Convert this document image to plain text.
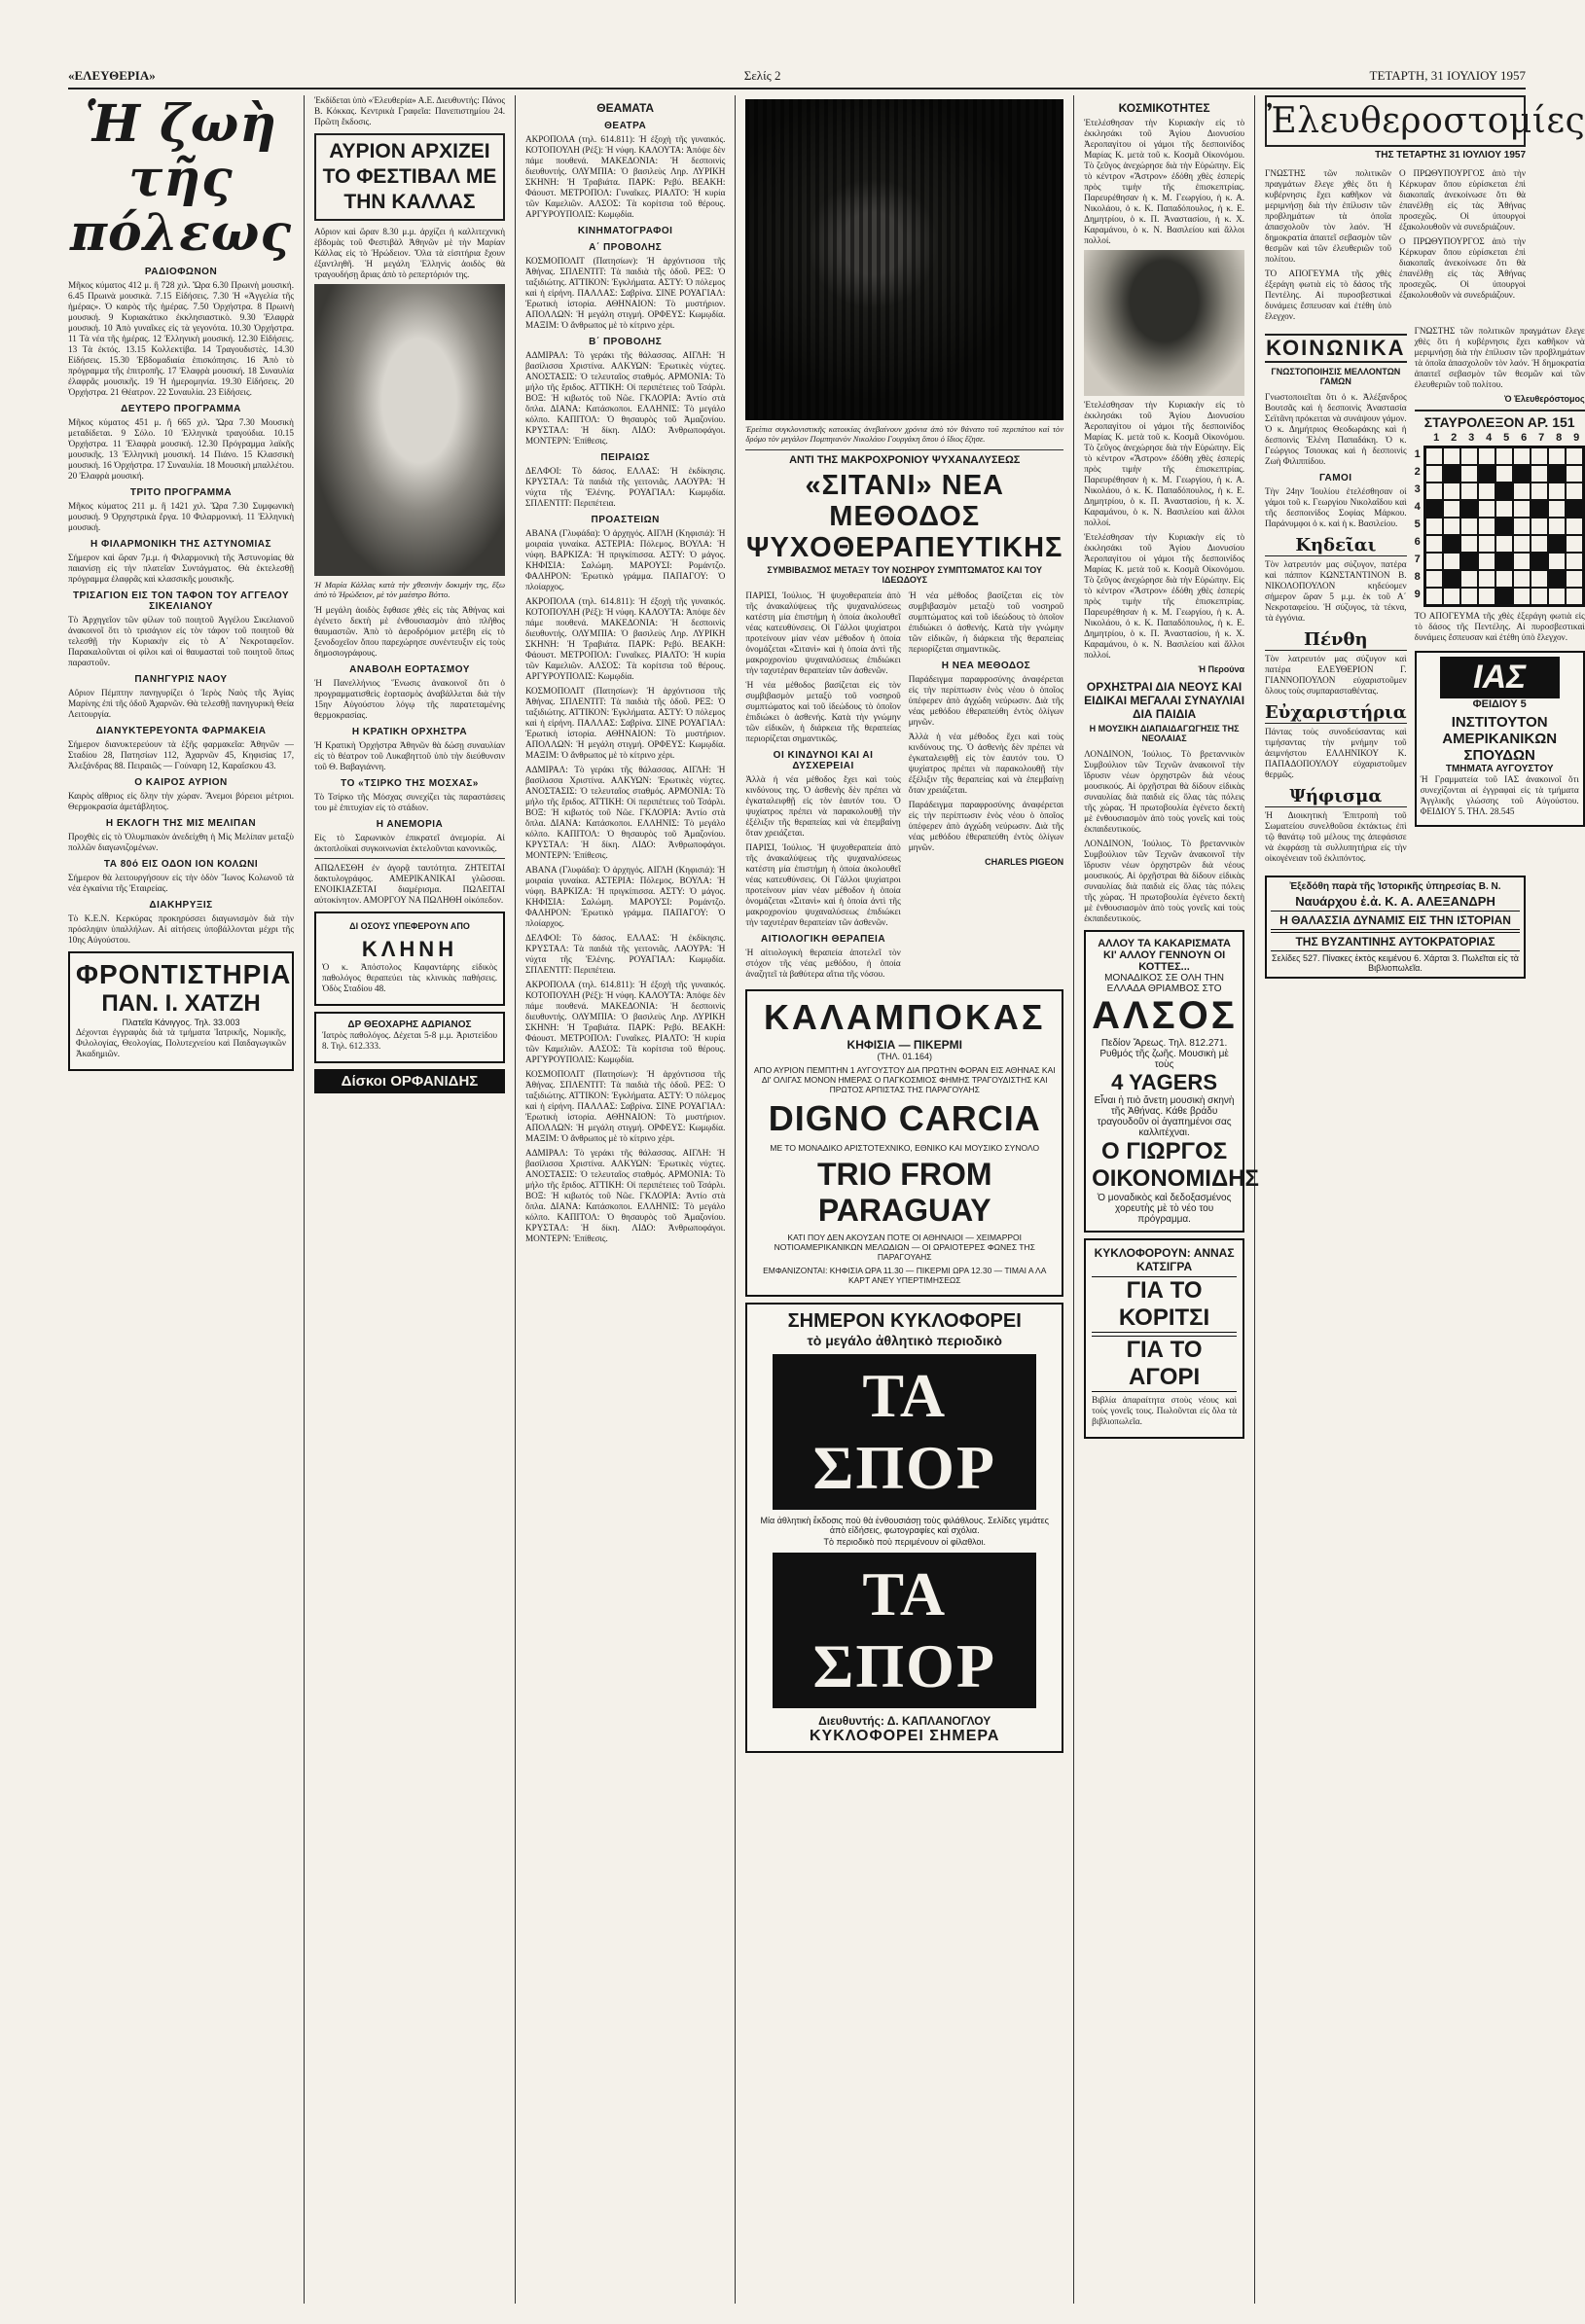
«ΕΛΕΥΘΕΡΙΑ»	Σελίς 2	ΤΕΤΑΡΤΗ, 31 ΙΟΥΛΙΟΥ 1957
Ἡ ζωὴ τῆς πόλεως
ΡΑΔΙΟΦΩΝΟΝ

Μῆκος κύματος 412 μ. ἢ 728 χιλ. Ὥρα 6.30 Πρωινὴ μουσική. 6.45 Πρωινὰ μουσικὰ. 7.15 Εἰδήσεις. 7.30 Ἡ «Ἀγγελία τῆς ἡμέρας». Ὁ καιρὸς τῆς ἡμέρας. 7.50 Ὀρχήστρα. 8 Πρωινὴ μουσική. 9 Κυριακάτικο ἐκκλησιαστικὸ. 9.30 Ἐλαφρὰ μουσική. 10 Ἀπὸ γυναῖκες εἰς τὰ γεγονότα. 10.30 Ὀρχήστρα. 11 Τὰ νέα τῆς ἡμέρας. 12 Ἐλληνικὴ μουσική. 12.30 Εἰδήσεις. 13 Τὰ ἐκτός. 13.15 Κολλεκτίβα. 14 Τραγουδιστὲς. 14.30 Εἰδήσεις. 15.30 Ἐβδομαδιαία ἐπισκόπησις. 16 Ἀπὸ τὸ πρόγραμμα τῆς ἐπιτροπῆς. 17 Ἐλαφρὰ μουσική. 18 Συναυλία ἐλαφρᾶς μουσικῆς. 19 Ἡ ἡμερομηνία. 19.30 Εἰδήσεις. 20 Ὀρχήστρα. 21 Θέατρον. 22 Συναυλία. 23 Εἰδήσεις.

ΔΕΥΤΕΡΟ ΠΡΟΓΡΑΜΜΑ

Μῆκος κύματος 451 μ. ἢ 665 χιλ. Ὥρα 7.30 Μουσικὴ μεταδίδεται. 9 Σόλο. 10 Ἐλληνικὰ τραγούδια. 10.15 Ὀρχήστρα. 11 Ἐλαφρὰ μουσική. 12.30 Πρόγραμμα λαϊκῆς μουσικῆς. 13 Ἐλληνικὴ μουσική. 14 Πιάνο. 15 Κλασσικὴ μουσική. 16 Ὀρχήστρα. 17 Συναυλία. 18 Μουσικὴ μπαλλέτου. 20 Ἐλαφρὰ μουσική.

ΤΡΙΤΟ ΠΡΟΓΡΑΜΜΑ

Μῆκος κύματος 211 μ. ἢ 1421 χιλ. Ὥρα 7.30 Συμφωνικὴ μουσική. 9 Ὀρχηστρικὰ ἔργα. 10 Φιλαρμονική. 11 Ἐλληνικὴ μουσική.

Η ΦΙΛΑΡΜΟΝΙΚΗ ΤΗΣ ΑΣΤΥΝΟΜΙΑΣ

Σήμερον καὶ ὥραν 7μ.μ. ἡ Φιλαρμονικὴ τῆς Ἀστυνομίας θὰ παιανίσῃ εἰς τὴν πλατεῖαν Συντάγματος. Θὰ ἐκτελεσθῇ πρόγραμμα ἐλαφρᾶς καὶ κλασσικῆς μουσικῆς.

ΤΡΙΣΑΓΙΟΝ ΕΙΣ ΤΟΝ ΤΑΦΟΝ ΤΟΥ ΑΓΓΕΛΟΥ ΣΙΚΕΛΙΑΝΟΥ

Τὸ Ἀρχηγεῖον τῶν φίλων τοῦ ποιητοῦ Ἀγγέλου Σικελιανοῦ ἀνακοινοῖ ὅτι τὸ τρισάγιον εἰς τὸν τάφον τοῦ ποιητοῦ θὰ τελεσθῇ τὴν Κυριακὴν εἰς τὸ Α΄ Νεκροταφεῖον. Παρακαλοῦνται οἱ φίλοι καὶ οἱ θαυμασταὶ τοῦ ποιητοῦ ὅπως παραστοῦν.

ΠΑΝΗΓΥΡΙΣ ΝΑΟΥ

Αὔριον Πέμπτην πανηγυρίζει ὁ Ἱερὸς Ναὸς τῆς Ἁγίας Μαρίνης ἐπὶ τῆς ὁδοῦ Ἀχαρνῶν. Θὰ τελεσθῇ πανηγυρικὴ Θεία Λειτουργία.

ΔΙΑΝΥΚΤΕΡΕΥΟΝΤΑ ΦΑΡΜΑΚΕΙΑ

Σήμερον διανυκτερεύουν τὰ ἑξῆς φαρμακεῖα: Ἀθηνῶν — Σταδίου 28, Πατησίων 112, Ἀχαρνῶν 45, Κηφισίας 17, Ἀλεξάνδρας 88. Πειραιῶς — Γούναρη 12, Καραΐσκου 43.

Ο ΚΑΙΡΟΣ ΑΥΡΙΟΝ

Καιρὸς αἴθριος εἰς ὅλην τὴν χώραν. Ἄνεμοι βόρειοι μέτριοι. Θερμοκρασία ἀμετάβλητος.

Η ΕΚΛΟΓΗ ΤΗΣ ΜΙΣ ΜΕΛΙΠΑΝ

Προχθὲς εἰς τὸ Ὀλυμπιακὸν ἀνεδείχθη ἡ Μὶς Μελίπαν μεταξὺ πολλῶν διαγωνιζομένων.

ΤΑ 80ό ΕΙΣ ΟΔΟΝ ΙΟΝ ΚΟΛΩΝΙ

Σήμερον θὰ λειτουργήσουν εἰς τὴν ὁδὸν Ἴωνος Κολωνοῦ τὰ νέα ἐγκαίνια τῆς Ἑταιρείας.

ΔΙΑΚΗΡΥΞΙΣ

Τὸ Κ.Ε.Ν. Κερκύρας προκηρύσσει διαγωνισμὸν διὰ τὴν πρόσληψιν ὑπαλλήλων. Αἱ αἰτήσεις ὑποβάλλονται μέχρι τῆς 10ης Αὐγούστου.

ΦΡΟΝΤΙΣΤΗΡΙΑ
ΠΑΝ. Ι. ΧΑΤΖΗ
Πλατεῖα Κάνιγγος. Τηλ. 33.003

Δέχονται ἐγγραφὰς διὰ τὰ τμήματα Ἰατρικῆς, Νομικῆς, Φιλολογίας, Θεολογίας, Πολυτεχνείου καὶ Παιδαγωγικῶν Ἀκαδημιῶν.

Ἐκδίδεται ὑπὸ «Ἐλευθερία» Α.Ε. Διευθυντής: Πάνος Β. Κόκκας. Κεντρικὰ Γραφεῖα: Πανεπιστημίου 24. Πρῶτη ἔκδοσις.

ΑΥΡΙΟΝ ΑΡΧΙΖΕΙ ΤΟ ΦΕΣΤΙΒΑΛ ΜΕ ΤΗΝ ΚΑΛΛΑΣ

Αὔριον καὶ ὥραν 8.30 μ.μ. ἀρχίζει ἡ καλλιτεχνικὴ ἑβδομὰς τοῦ Φεστιβὰλ Ἀθηνῶν μὲ τὴν Μαρίαν Κάλλας εἰς τὸ Ἡρώδειον. Ὅλα τὰ εἰσιτήρια ἔχουν ἐξαντληθῆ. Ἡ μεγάλη Ἑλληνὶς ἀοιδὸς θὰ τραγουδήσῃ ἄριας ἀπὸ τὸ ρεπερτόριόν της.

Ἡ Μαρία Κάλλας κατὰ τὴν χθεσινὴν δοκιμήν της, ἔξω ἀπὸ τὸ Ἡρώδειον, μὲ τὸν μαέστρο Βόττο.

Ἡ μεγάλη ἀοιδὸς ἔφθασε χθὲς εἰς τὰς Ἀθήνας καὶ ἐγένετο δεκτὴ μὲ ἐνθουσιασμὸν ἀπὸ πλῆθος θαυμαστῶν. Ἀπὸ τὸ ἀεροδρόμιον μετέβη εἰς τὸ ξενοδοχεῖον ὅπου παρεχώρησε συνέντευξιν εἰς τοὺς δημοσιογράφους.

ΑΝΑΒΟΛΗ ΕΟΡΤΑΣΜΟΥ

Ἡ Πανελλήνιος Ἕνωσις ἀνακοινοῖ ὅτι ὁ προγραμματισθεὶς ἑορτασμὸς ἀναβάλλεται διὰ τὴν 15ην Αὐγούστου λόγῳ τῆς παρατεταμένης θερμοκρασίας.

Η ΚΡΑΤΙΚΗ ΟΡΧΗΣΤΡΑ

Ἡ Κρατικὴ Ὀρχήστρα Ἀθηνῶν θὰ δώσῃ συναυλίαν εἰς τὸ θέατρον τοῦ Λυκαβηττοῦ ὑπὸ τὴν διεύθυνσιν τοῦ Θ. Βαβαγιάννη.

ΤΟ «ΤΣΙΡΚΟ ΤΗΣ ΜΟΣΧΑΣ»

Τὸ Τσίρκο τῆς Μόσχας συνεχίζει τὰς παραστάσεις του μὲ ἐπιτυχίαν εἰς τὸ στάδιον.

Η ΑΝΕΜΟΡΙΑ

Εἰς τὸ Σαρωνικὸν ἐπικρατεῖ ἀνεμορία. Αἱ ἀκτοπλοϊκαὶ συγκοινωνίαι ἐκτελοῦνται κανονικῶς.

ΑΠΩΛΕΣΘΗ ἐν ἀγορᾷ ταυτότητα. ΖΗΤΕΙΤΑΙ δακτυλογράφος. ΑΜΕΡΙΚΑΝΙΚΑΙ γλῶσσαι. ΕΝΟΙΚΙΑΖΕΤΑΙ διαμέρισμα. ΠΩΛΕΙΤΑΙ αὐτοκίνητον. ΑΜΟΡΓΟΥ ΝΑ ΠΩΛΗΘΗ οἰκόπεδον.

ΔΙ ΟΣΟΥΣ ΥΠΕΦΕΡΟΥΝ ΑΠΟ
ΚΛΗΝΗ

Ὁ κ. Ἀπόστολος Καφαντάρης εἰδικὸς παθολόγος θεραπεύει τὰς κλινικὰς παθήσεις. Ὁδὸς Σταδίου 48.

ΔΡ ΘΕΟΧΑΡΗΣ ΑΔΡΙΑΝΟΣ

Ἰατρὸς παθολόγος. Δέχεται 5-8 μ.μ. Ἀριστείδου 8. Τηλ. 612.333.

Δίσκοι ΟΡΦΑΝΙΔΗΣ
ΘΕΑΜΑΤΑ
ΘΕΑΤΡΑ

ΑΚΡΟΠΟΛΑ (τηλ. 614.811): Ἡ ἐξοχὴ τῆς γυναικός. ΚΟΤΟΠΟΥΛΗ (Ρέξ): Ἡ νύφη. ΚΑΛΟΥΤΑ: Ἀπόψε δὲν πάμε πουθενά. ΜΑΚΕΔΟΝΙΑ: Ἡ δεσποινὶς διευθυντής. ΟΛΥΜΠΙΑ: Ὁ βασιλεὺς Ληρ. ΛΥΡΙΚΗ ΣΚΗΝΗ: Ἡ Τραβιάτα. ΠΑΡΚ: Ρεβύ. ΒΕΑΚΗ: Φάουστ. ΜΕΤΡΟΠΟΛ: Γυναῖκες. ΡΙΑΛΤΟ: Ἡ κυρία τῶν Καμελιῶν. ΑΛΣΟΣ: Τὰ κορίτσια τοῦ θέρους. ΑΡΓΥΡΟΥΠΟΛΙΣ: Κωμῳδία.

ΚΙΝΗΜΑΤΟΓΡΑΦΟΙ
Α΄ ΠΡΟΒΟΛΗΣ

ΚΟΣΜΟΠΟΛΙΤ (Πατησίων): Ἡ ἀρχόντισσα τῆς Ἀθήνας. ΣΠΛΕΝΤΙΤ: Τὰ παιδιὰ τῆς ὁδοῦ. ΡΕΞ: Ὁ ταξιδιώτης. ΑΤΤΙΚΟΝ: Ἐγκλήματα. ΑΣΤΥ: Ὁ πόλεμος καὶ ἡ εἰρήνη. ΠΑΛΛΑΣ: Σαβρίνα. ΣΙΝΕ ΡΟΥΑΓΙΑΛ: Ἐρωτικὴ ἱστορία. ΑΘΗΝΑΙΟΝ: Τὸ μυστήριον. ΑΠΟΛΛΩΝ: Ἡ μεγάλη στιγμή. ΟΡΦΕΥΣ: Κωμῳδία. ΜΑΞΙΜ: Ὁ ἄνθρωπος μὲ τὸ κίτρινο χέρι.

Β΄ ΠΡΟΒΟΛΗΣ

ΑΔΜΙΡΑΛ: Τὸ γεράκι τῆς θάλασσας. ΑΙΓΛΗ: Ἡ βασίλισσα Χριστίνα. ΑΛΚΥΩΝ: Ἐρωτικὲς νύχτες. ΑΝΟΣΤΑΣΙΣ: Ὁ τελευταῖος σταθμός. ΑΡΜΟΝΙΑ: Τὸ μήλο τῆς ἔριδος. ΑΤΤΙΚΗ: Οἱ περιπέτειες τοῦ Τσάρλι. ΒΟΞ: Ἡ κιβωτός τοῦ Νῶε. ΓΚΛΟΡΙΑ: Ἀντίο στὰ ὅπλα. ΔΙΑΝΑ: Κατάσκοποι. ΕΛΛΗΝΙΣ: Τὸ μεγάλο κόλπο. ΚΑΠΙΤΟΛ: Ὁ θησαυρὸς τοῦ Ἀμαζονίου. ΚΡΥΣΤΑΛ: Ἡ δίκη. ΛΙΔΟ: Ἀνθρωποφάγοι. ΜΟΝΤΕΡΝ: Ἐπίθεσις.

ΠΕΙΡΑΙΩΣ

ΔΕΛΦΟΙ: Τὸ δάσος. ΕΛΛΑΣ: Ἡ ἐκδίκησις. ΚΡΥΣΤΑΛ: Τὰ παιδιὰ τῆς γειτονιᾶς. ΛΑΟΥΡΑ: Ἡ νύχτα τῆς Ἑλένης. ΡΟΥΑΓΙΑΛ: Κωμῳδία. ΣΠΛΕΝΤΙΤ: Περιπέτεια.

ΠΡΟΑΣΤΕΙΩΝ

ΑΒΑΝΑ (Γλυφάδα): Ὁ ἀρχηγός. ΑΙΓΛΗ (Κηφισιά): Ἡ μοιραία γυναίκα. ΑΣΤΕΡΙΑ: Πόλεμος. ΒΟΥΛΑ: Ἡ νύφη. ΒΑΡΚΙΖΑ: Ἡ πριγκίπισσα. ΑΣΤΥ: Ὁ μάγος. ΚΗΦΙΣΙΑ: Σαλώμη. ΜΑΡΟΥΣΙ: Ρομάντζο. ΦΑΛΗΡΟΝ: Ἐρωτικὸ γράμμα. ΠΑΠΑΓΟΥ: Ὁ πλοίαρχος.

ΑΚΡΟΠΟΛΑ (τηλ. 614.811): Ἡ ἐξοχὴ τῆς γυναικός. ΚΟΤΟΠΟΥΛΗ (Ρέξ): Ἡ νύφη. ΚΑΛΟΥΤΑ: Ἀπόψε δὲν πάμε πουθενά. ΜΑΚΕΔΟΝΙΑ: Ἡ δεσποινὶς διευθυντής. ΟΛΥΜΠΙΑ: Ὁ βασιλεὺς Ληρ. ΛΥΡΙΚΗ ΣΚΗΝΗ: Ἡ Τραβιάτα. ΠΑΡΚ: Ρεβύ. ΒΕΑΚΗ: Φάουστ. ΜΕΤΡΟΠΟΛ: Γυναῖκες. ΡΙΑΛΤΟ: Ἡ κυρία τῶν Καμελιῶν. ΑΛΣΟΣ: Τὰ κορίτσια τοῦ θέρους. ΑΡΓΥΡΟΥΠΟΛΙΣ: Κωμῳδία.

ΚΟΣΜΟΠΟΛΙΤ (Πατησίων): Ἡ ἀρχόντισσα τῆς Ἀθήνας. ΣΠΛΕΝΤΙΤ: Τὰ παιδιὰ τῆς ὁδοῦ. ΡΕΞ: Ὁ ταξιδιώτης. ΑΤΤΙΚΟΝ: Ἐγκλήματα. ΑΣΤΥ: Ὁ πόλεμος καὶ ἡ εἰρήνη. ΠΑΛΛΑΣ: Σαβρίνα. ΣΙΝΕ ΡΟΥΑΓΙΑΛ: Ἐρωτικὴ ἱστορία. ΑΘΗΝΑΙΟΝ: Τὸ μυστήριον. ΑΠΟΛΛΩΝ: Ἡ μεγάλη στιγμή. ΟΡΦΕΥΣ: Κωμῳδία. ΜΑΞΙΜ: Ὁ ἄνθρωπος μὲ τὸ κίτρινο χέρι.

ΑΔΜΙΡΑΛ: Τὸ γεράκι τῆς θάλασσας. ΑΙΓΛΗ: Ἡ βασίλισσα Χριστίνα. ΑΛΚΥΩΝ: Ἐρωτικὲς νύχτες. ΑΝΟΣΤΑΣΙΣ: Ὁ τελευταῖος σταθμός. ΑΡΜΟΝΙΑ: Τὸ μήλο τῆς ἔριδος. ΑΤΤΙΚΗ: Οἱ περιπέτειες τοῦ Τσάρλι. ΒΟΞ: Ἡ κιβωτός τοῦ Νῶε. ΓΚΛΟΡΙΑ: Ἀντίο στὰ ὅπλα. ΔΙΑΝΑ: Κατάσκοποι. ΕΛΛΗΝΙΣ: Τὸ μεγάλο κόλπο. ΚΑΠΙΤΟΛ: Ὁ θησαυρὸς τοῦ Ἀμαζονίου. ΚΡΥΣΤΑΛ: Ἡ δίκη. ΛΙΔΟ: Ἀνθρωποφάγοι. ΜΟΝΤΕΡΝ: Ἐπίθεσις.

ΑΒΑΝΑ (Γλυφάδα): Ὁ ἀρχηγός. ΑΙΓΛΗ (Κηφισιά): Ἡ μοιραία γυναίκα. ΑΣΤΕΡΙΑ: Πόλεμος. ΒΟΥΛΑ: Ἡ νύφη. ΒΑΡΚΙΖΑ: Ἡ πριγκίπισσα. ΑΣΤΥ: Ὁ μάγος. ΚΗΦΙΣΙΑ: Σαλώμη. ΜΑΡΟΥΣΙ: Ρομάντζο. ΦΑΛΗΡΟΝ: Ἐρωτικὸ γράμμα. ΠΑΠΑΓΟΥ: Ὁ πλοίαρχος.

ΔΕΛΦΟΙ: Τὸ δάσος. ΕΛΛΑΣ: Ἡ ἐκδίκησις. ΚΡΥΣΤΑΛ: Τὰ παιδιὰ τῆς γειτονιᾶς. ΛΑΟΥΡΑ: Ἡ νύχτα τῆς Ἑλένης. ΡΟΥΑΓΙΑΛ: Κωμῳδία. ΣΠΛΕΝΤΙΤ: Περιπέτεια.

ΑΚΡΟΠΟΛΑ (τηλ. 614.811): Ἡ ἐξοχὴ τῆς γυναικός. ΚΟΤΟΠΟΥΛΗ (Ρέξ): Ἡ νύφη. ΚΑΛΟΥΤΑ: Ἀπόψε δὲν πάμε πουθενά. ΜΑΚΕΔΟΝΙΑ: Ἡ δεσποινὶς διευθυντής. ΟΛΥΜΠΙΑ: Ὁ βασιλεὺς Ληρ. ΛΥΡΙΚΗ ΣΚΗΝΗ: Ἡ Τραβιάτα. ΠΑΡΚ: Ρεβύ. ΒΕΑΚΗ: Φάουστ. ΜΕΤΡΟΠΟΛ: Γυναῖκες. ΡΙΑΛΤΟ: Ἡ κυρία τῶν Καμελιῶν. ΑΛΣΟΣ: Τὰ κορίτσια τοῦ θέρους. ΑΡΓΥΡΟΥΠΟΛΙΣ: Κωμῳδία.

ΚΟΣΜΟΠΟΛΙΤ (Πατησίων): Ἡ ἀρχόντισσα τῆς Ἀθήνας. ΣΠΛΕΝΤΙΤ: Τὰ παιδιὰ τῆς ὁδοῦ. ΡΕΞ: Ὁ ταξιδιώτης. ΑΤΤΙΚΟΝ: Ἐγκλήματα. ΑΣΤΥ: Ὁ πόλεμος καὶ ἡ εἰρήνη. ΠΑΛΛΑΣ: Σαβρίνα. ΣΙΝΕ ΡΟΥΑΓΙΑΛ: Ἐρωτικὴ ἱστορία. ΑΘΗΝΑΙΟΝ: Τὸ μυστήριον. ΑΠΟΛΛΩΝ: Ἡ μεγάλη στιγμή. ΟΡΦΕΥΣ: Κωμῳδία. ΜΑΞΙΜ: Ὁ ἄνθρωπος μὲ τὸ κίτρινο χέρι.

ΑΔΜΙΡΑΛ: Τὸ γεράκι τῆς θάλασσας. ΑΙΓΛΗ: Ἡ βασίλισσα Χριστίνα. ΑΛΚΥΩΝ: Ἐρωτικὲς νύχτες. ΑΝΟΣΤΑΣΙΣ: Ὁ τελευταῖος σταθμός. ΑΡΜΟΝΙΑ: Τὸ μήλο τῆς ἔριδος. ΑΤΤΙΚΗ: Οἱ περιπέτειες τοῦ Τσάρλι. ΒΟΞ: Ἡ κιβωτός τοῦ Νῶε. ΓΚΛΟΡΙΑ: Ἀντίο στὰ ὅπλα. ΔΙΑΝΑ: Κατάσκοποι. ΕΛΛΗΝΙΣ: Τὸ μεγάλο κόλπο. ΚΑΠΙΤΟΛ: Ὁ θησαυρὸς τοῦ Ἀμαζονίου. ΚΡΥΣΤΑΛ: Ἡ δίκη. ΛΙΔΟ: Ἀνθρωποφάγοι. ΜΟΝΤΕΡΝ: Ἐπίθεσις.

Ἐρείπια συγκλονιστικῆς κατοικίας ἀνεβαίνουν χρόνια ἀπὸ τὸν θάνατο τοῦ περιπάτου καὶ τὸν δρόμο τὸν μεγάλον Πομπηιανὸν Νικολάου Γουργάκη ὅπου ὁ ἴδιος ἔζησε.

ΑΝΤΙ ΤΗΣ ΜΑΚΡΟΧΡΟΝΙΟΥ ΨΥΧΑΝΑΛΥΣΕΩΣ
«ΣΙΤΑΝΙ» ΝΕΑ ΜΕΘΟΔΟΣ ΨΥΧΟΘΕΡΑΠΕΥΤΙΚΗΣ
ΣΥΜΒΙΒΑΣΜΟΣ ΜΕΤΑΞΥ ΤΟΥ ΝΟΣΗΡΟΥ ΣΥΜΠΤΩΜΑΤΟΣ ΚΑΙ ΤΟΥ ΙΔΕΩΔΟΥΣ

ΠΑΡΙΣΙ, Ἰούλιος. Ἡ ψυχοθεραπεία ἀπὸ τῆς ἀνακαλύψεως τῆς ψυχαναλύσεως κατέστη μία ἐπιστήμη ἡ ὁποία ἀκολουθεῖ νέας κατευθύνσεις. Οἱ Γάλλοι ψυχίατροι προτείνουν μίαν νέαν μέθοδον ἡ ὁποία ὀνομάζεται «Σιτανὶ» καὶ ἡ ὁποία ἀντὶ τῆς μακροχρονίου ψυχαναλύσεως ἐπιδιώκει τὴν ταχυτέραν θεραπείαν τῶν ἀσθενῶν.

Ἡ νέα μέθοδος βασίζεται εἰς τὸν συμβιβασμὸν μεταξὺ τοῦ νοσηροῦ συμπτώματος καὶ τοῦ ἰδεώδους τὸ ὁποῖον ἐπιδιώκει ὁ ἀσθενής. Κατὰ τὴν γνώμην τῶν εἰδικῶν, ἡ διάρκεια τῆς θεραπείας περιορίζεται σημαντικῶς.

ΟΙ ΚΙΝΔΥΝΟΙ ΚΑΙ ΑΙ ΔΥΣΧΕΡΕΙΑΙ

Ἀλλὰ ἡ νέα μέθοδος ἔχει καὶ τοὺς κινδύνους της. Ὁ ἀσθενὴς δὲν πρέπει νὰ ἐγκαταλειφθῇ εἰς τὸν ἑαυτόν του. Ὁ ψυχίατρος πρέπει νὰ παρακολουθῇ τὴν ἐξέλιξιν τῆς θεραπείας καὶ νὰ ἐπεμβαίνῃ ὅταν χρειάζεται.

ΠΑΡΙΣΙ, Ἰούλιος. Ἡ ψυχοθεραπεία ἀπὸ τῆς ἀνακαλύψεως τῆς ψυχαναλύσεως κατέστη μία ἐπιστήμη ἡ ὁποία ἀκολουθεῖ νέας κατευθύνσεις. Οἱ Γάλλοι ψυχίατροι προτείνουν μίαν νέαν μέθοδον ἡ ὁποία ὀνομάζεται «Σιτανὶ» καὶ ἡ ὁποία ἀντὶ τῆς μακροχρονίου ψυχαναλύσεως ἐπιδιώκει τὴν ταχυτέραν θεραπείαν τῶν ἀσθενῶν.

ΑΙΤΙΟΛΟΓΙΚΗ ΘΕΡΑΠΕΙΑ

Ἡ αἰτιολογικὴ θεραπεία ἀποτελεῖ τὸν στόχον τῆς νέας μεθόδου, ἡ ὁποία ἀναζητεῖ τὰ βαθύτερα αἴτια τῆς νόσου.

Ἡ νέα μέθοδος βασίζεται εἰς τὸν συμβιβασμὸν μεταξὺ τοῦ νοσηροῦ συμπτώματος καὶ τοῦ ἰδεώδους τὸ ὁποῖον ἐπιδιώκει ὁ ἀσθενής. Κατὰ τὴν γνώμην τῶν εἰδικῶν, ἡ διάρκεια τῆς θεραπείας περιορίζεται σημαντικῶς.

Η ΝΕΑ ΜΕΘΟΔΟΣ

Παράδειγμα παραφροσύνης ἀναφέρεται εἰς τὴν περίπτωσιν ἑνὸς νέου ὁ ὁποῖος ὑπέφερεν ἀπὸ ἀγχώδη νεύρωσιν. Διὰ τῆς νέας μεθόδου ἐθεραπεύθη ἐντὸς ὀλίγων μηνῶν.

Ἀλλὰ ἡ νέα μέθοδος ἔχει καὶ τοὺς κινδύνους της. Ὁ ἀσθενὴς δὲν πρέπει νὰ ἐγκαταλειφθῇ εἰς τὸν ἑαυτόν του. Ὁ ψυχίατρος πρέπει νὰ παρακολουθῇ τὴν ἐξέλιξιν τῆς θεραπείας καὶ νὰ ἐπεμβαίνῃ ὅταν χρειάζεται.

Παράδειγμα παραφροσύνης ἀναφέρεται εἰς τὴν περίπτωσιν ἑνὸς νέου ὁ ὁποῖος ὑπέφερεν ἀπὸ ἀγχώδη νεύρωσιν. Διὰ τῆς νέας μεθόδου ἐθεραπεύθη ἐντὸς ὀλίγων μηνῶν.

CHARLES PIGEON
ΚΑΛΑΜΠΟΚΑΣ
ΚΗΦΙΣΙΑ — ΠΙΚΕΡΜΙ
(ΤΗΛ. 01.164)
ΑΠΟ ΑΥΡΙΟΝ ΠΕΜΠΤΗΝ 1 ΑΥΓΟΥΣΤΟΥ ΔΙΑ ΠΡΩΤΗΝ ΦΟΡΑΝ ΕΙΣ ΑΘΗΝΑΣ ΚΑΙ ΔΙ' ΟΛΙΓΑΣ ΜΟΝΟΝ ΗΜΕΡΑΣ Ο ΠΑΓΚΟΣΜΙΟΣ ΦΗΜΗΣ ΤΡΑΓΟΥΔΙΣΤΗΣ ΚΑΙ ΠΡΩΤΟΣ ΑΡΠΙΣΤΑΣ ΤΗΣ ΠΑΡΑΓΟΥΑΗΣ
DIGNO CARCIA
ΜΕ ΤΟ ΜΟΝΑΔΙΚΟ ΑΡΙΣΤΟΤΕΧΝΙΚΟ, ΕΘΝΙΚΟ ΚΑΙ ΜΟΥΣΙΚΟ ΣΥΝΟΛΟ
TRIO FROM PARAGUAY
ΚΑΤΙ ΠΟΥ ΔΕΝ ΑΚΟΥΣΑΝ ΠΟΤΕ ΟΙ ΑΘΗΝΑΙΟΙ — ΧΕΙΜΑΡΡΟΙ ΝΟΤΙΟΑΜΕΡΙΚΑΝΙΚΩΝ ΜΕΛΩΔΙΩΝ — ΟΙ ΩΡΑΙΟΤΕΡΕΣ ΦΩΝΕΣ ΤΗΣ ΠΑΡΑΓΟΥΑΗΣ
ΕΜΦΑΝΙΖΟΝΤΑΙ: ΚΗΦΙΣΙΑ ΩΡΑ 11.30 — ΠΙΚΕΡΜΙ ΩΡΑ 12.30 — ΤΙΜΑΙ Α ΛΑ ΚΑΡΤ ΑΝΕΥ ΥΠΕΡΤΙΜΗΣΕΩΣ
ΣΗΜΕΡΟΝ ΚΥΚΛΟΦΟΡΕΙ
τὸ μεγάλο ἀθλητικὸ περιοδικὸ
ΤΑ ΣΠΟΡ
Μία ἀθλητικὴ ἔκδοσις ποὺ θὰ ἐνθουσιάσῃ τοὺς φιλάθλους. Σελίδες γεμάτες ἀπὸ εἰδήσεις, φωτογραφίες καὶ σχόλια.
Τὸ περιοδικὸ ποὺ περιμένουν οἱ φίλαθλοι.
ΤΑ ΣΠΟΡ
Διευθυντής: Δ. ΚΑΠΛΑΝΟΓΛΟΥ
ΚΥΚΛΟΦΟΡΕΙ ΣΗΜΕΡΑ
ΚΟΣΜΙΚΟΤΗΤΕΣ

Ἑτελέσθησαν τὴν Κυριακὴν εἰς τὸ ἐκκλησάκι τοῦ Ἁγίου Διονυσίου Ἀεροπαγίτου οἱ γάμοι τῆς δεσποινίδος Μαρίας Κ. μετὰ τοῦ κ. Κοσμᾶ Οἰκονόμου. Τὸ ζεῦγος ἀνεχώρησε διὰ τὴν Εὐρώπην. Εἰς τὸ κέντρον «Ἄστρον» ἐδόθη χθὲς ἑσπερίς πρὸς τιμὴν τῆς ἐπισκεπτρίας. Παρευρέθησαν ἡ κ. Μ. Γεωργίου, ἡ κ. Α. Νικολάου, ὁ κ. Κ. Παπαδόπουλος, ἡ κ. Ε. Δημητρίου, ὁ κ. Π. Ἀναστασίου, ἡ κ. Χ. Καραμάνου, ὁ κ. Ν. Βασιλείου καὶ ἄλλοι πολλοί.

Ἑτελέσθησαν τὴν Κυριακὴν εἰς τὸ ἐκκλησάκι τοῦ Ἁγίου Διονυσίου Ἀεροπαγίτου οἱ γάμοι τῆς δεσποινίδος Μαρίας Κ. μετὰ τοῦ κ. Κοσμᾶ Οἰκονόμου. Τὸ ζεῦγος ἀνεχώρησε διὰ τὴν Εὐρώπην. Εἰς τὸ κέντρον «Ἄστρον» ἐδόθη χθὲς ἑσπερίς πρὸς τιμὴν τῆς ἐπισκεπτρίας. Παρευρέθησαν ἡ κ. Μ. Γεωργίου, ἡ κ. Α. Νικολάου, ὁ κ. Κ. Παπαδόπουλος, ἡ κ. Ε. Δημητρίου, ὁ κ. Π. Ἀναστασίου, ἡ κ. Χ. Καραμάνου, ὁ κ. Ν. Βασιλείου καὶ ἄλλοι πολλοί.

Ἑτελέσθησαν τὴν Κυριακὴν εἰς τὸ ἐκκλησάκι τοῦ Ἁγίου Διονυσίου Ἀεροπαγίτου οἱ γάμοι τῆς δεσποινίδος Μαρίας Κ. μετὰ τοῦ κ. Κοσμᾶ Οἰκονόμου. Τὸ ζεῦγος ἀνεχώρησε διὰ τὴν Εὐρώπην. Εἰς τὸ κέντρον «Ἄστρον» ἐδόθη χθὲς ἑσπερίς πρὸς τιμὴν τῆς ἐπισκεπτρίας. Παρευρέθησαν ἡ κ. Μ. Γεωργίου, ἡ κ. Α. Νικολάου, ὁ κ. Κ. Παπαδόπουλος, ἡ κ. Ε. Δημητρίου, ὁ κ. Π. Ἀναστασίου, ἡ κ. Χ. Καραμάνου, ὁ κ. Ν. Βασιλείου καὶ ἄλλοι πολλοί.

Ἡ Περούνα
ΟΡΧΗΣΤΡΑΙ ΔΙΑ ΝΕΟΥΣ ΚΑΙ ΕΙΔΙΚΑΙ ΜΕΓΑΛΑΙ ΣΥΝΑΥΛΙΑΙ ΔΙΑ ΠΑΙΔΙΑ
Η ΜΟΥΣΙΚΗ ΔΙΑΠΑΙΔΑΓΩΓΗΣΙΣ ΤΗΣ ΝΕΟΛΑΙΑΣ

ΛΟΝΔΙΝΟΝ, Ἰούλιος. Τὸ βρεταννικὸν Συμβούλιον τῶν Τεχνῶν ἀνακοινοῖ τὴν ἵδρυσιν νέων ὀρχηστρῶν διὰ νέους μουσικούς. Αἱ ὀρχῆστραι θὰ δίδουν εἰδικὰς συναυλίας διὰ παιδιὰ εἰς ὅλας τὰς πόλεις τῆς χώρας. Ἡ πρωτοβουλία ἐγένετο δεκτὴ μὲ ἐνθουσιασμὸν ἀπὸ τοὺς γονεῖς καὶ τοὺς ἐκπαιδευτικούς.

ΛΟΝΔΙΝΟΝ, Ἰούλιος. Τὸ βρεταννικὸν Συμβούλιον τῶν Τεχνῶν ἀνακοινοῖ τὴν ἵδρυσιν νέων ὀρχηστρῶν διὰ νέους μουσικούς. Αἱ ὀρχῆστραι θὰ δίδουν εἰδικὰς συναυλίας διὰ παιδιὰ εἰς ὅλας τὰς πόλεις τῆς χώρας. Ἡ πρωτοβουλία ἐγένετο δεκτὴ μὲ ἐνθουσιασμὸν ἀπὸ τοὺς γονεῖς καὶ τοὺς ἐκπαιδευτικούς.

ΑΛΛΟΥ ΤΑ ΚΑΚΑΡΙΣΜΑΤΑ ΚΙ' ΑΛΛΟΥ ΓΕΝΝΟΥΝ ΟΙ ΚΟΤΤΕΣ...
ΜΟΝΑΔΙΚΟΣ ΣΕ ΟΛΗ ΤΗΝ ΕΛΛΑΔΑ ΘΡΙΑΜΒΟΣ ΣΤΟ
ΑΛΣΟΣ
Πεδίον Ἄρεως. Τηλ. 812.271. Ρυθμός τῆς ζωῆς. Μουσικὴ μὲ τοὺς
4 YAGERS
Εἶναι ἡ πιὸ ἄνετη μουσικὴ σκηνὴ τῆς Ἀθήνας. Κάθε βράδυ τραγουδοῦν οἱ ἀγαπημένοι σας καλλιτέχναι.
Ο ΓΙΩΡΓΟΣ ΟΙΚΟΝΟΜΙΔΗΣ
Ὁ μοναδικὸς καὶ δεδοξασμένος χορευτὴς μὲ τὸ νέο του πρόγραμμα.
ΚΥΚΛΟΦΟΡΟΥΝ: ΑΝΝΑΣ ΚΑΤΣΙΓΡΑ
ΓΙΑ ΤΟ ΚΟΡΙΤΣΙ
ΓΙΑ ΤΟ ΑΓΟΡΙ

Βιβλία ἀπαραίτητα στοὺς νέους καὶ τοὺς γονεῖς τους. Πωλοῦνται εἰς ὅλα τὰ βιβλιοπωλεῖα.

Ἐλευθεροστομίες
ΤΗΣ ΤΕΤΑΡΤΗΣ 31 ΙΟΥΛΙΟΥ 1957

ΓΝΩΣΤΗΣ τῶν πολιτικῶν πραγμάτων ἔλεγε χθὲς ὅτι ἡ κυβέρνησις ἔχει καθῆκον νὰ μεριμνήσῃ διὰ τὴν ἐπίλυσιν τῶν προβλημάτων τὰ ὁποῖα ἀπασχολοῦν τὸν λαόν. Ἡ δημοκρατία ἀπαιτεῖ σεβασμὸν τῶν θεσμῶν καὶ τῶν ἐλευθεριῶν τοῦ πολίτου.

ΤΟ ΑΠΟΓΕΥΜΑ τῆς χθὲς ἐξεράγη φωτιὰ εἰς τὸ δάσος τῆς Πεντέλης. Αἱ πυροσβεστικαὶ δυνάμεις ἔσπευσαν καὶ ἐτέθη ὑπὸ ἔλεγχον.

Ο ΠΡΩΘΥΠΟΥΡΓΟΣ ἀπὸ τὴν Κέρκυραν ὅπου εὑρίσκεται ἐπὶ διακοπαῖς ἀνεκοίνωσε ὅτι θὰ ἐπανέλθῃ εἰς τὰς Ἀθήνας προσεχῶς. Οἱ ὑπουργοὶ ἐξακολουθοῦν νὰ συνεδριάζουν.

Ο ΠΡΩΘΥΠΟΥΡΓΟΣ ἀπὸ τὴν Κέρκυραν ὅπου εὑρίσκεται ἐπὶ διακοπαῖς ἀνεκοίνωσε ὅτι θὰ ἐπανέλθῃ εἰς τὰς Ἀθήνας προσεχῶς. Οἱ ὑπουργοὶ ἐξακολουθοῦν νὰ συνεδριάζουν.

ΚΟΙΝΩΝΙΚΑ
ΓΝΩΣΤΟΠΟΙΗΣΙΣ ΜΕΛΛΟΝΤΩΝ ΓΑΜΩΝ

Γνωστοποιεῖται ὅτι ὁ κ. Ἀλέξανδρος Βουτσᾶς καὶ ἡ δεσποινὶς Ἀναστασία Σεϊτᾶνη πρόκειται νὰ συνάψουν γάμον. Ὁ κ. Δημήτριος Θεοδωράκης καὶ ἡ δεσποινὶς Ἑλένη Παπαδάκη. Ὁ κ. Γεώργιος Τσιουκας καὶ ἡ δεσποινὶς Ζωὴ Φιλιππίδου.

ΓΑΜΟΙ

Τὴν 24ην Ἰουλίου ἐτελέσθησαν οἱ γάμοι τοῦ κ. Γεωργίου Νικολαΐδου καὶ τῆς δεσποινίδος Σοφίας Μάρκου. Παράνυμφοι ὁ κ. καὶ ἡ κ. Βασιλείου.

Κηδεῖαι

Τὸν λατρευτόν μας σύζυγον, πατέρα καὶ πάππον ΚΩΝΣΤΑΝΤΙΝΟΝ Β. ΝΙΚΟΛΟΠΟΥΛΟΝ κηδεύομεν σήμερον ὥραν 5 μ.μ. ἐκ τοῦ Α΄ Νεκροταφείου. Ἡ σύζυγος, τὰ τέκνα, τὰ ἐγγόνια.

Πένθη

Τὸν λατρευτόν μας σύζυγον καὶ πατέρα ΕΛΕΥΘΕΡΙΟΝ Γ. ΓΙΑΝΝΟΠΟΥΛΟΝ εὐχαριστοῦμεν ὅλους τοὺς συμπαρασταθέντας.

Εὐχαριστήρια

Πάντας τοὺς συνοδεύσαντας καὶ τιμήσαντας τὴν μνήμην τοῦ ἀειμνήστου ΕΛΛΗΝΙΚΟΥ Κ. ΠΑΠΑΔΟΠΟΥΛΟΥ εὐχαριστοῦμεν θερμῶς.

Ψήφισμα

Ἡ Διοικητικὴ Ἐπιτροπὴ τοῦ Σωματείου συνελθοῦσα ἐκτάκτως ἐπὶ τῷ θανάτῳ τοῦ μέλους της ἀπεφάσισε νὰ ἐκφράσῃ τὰ συλλυπητήρια εἰς τὴν οἰκογένειαν τοῦ ἐκλιπόντος.

ΓΝΩΣΤΗΣ τῶν πολιτικῶν πραγμάτων ἔλεγε χθὲς ὅτι ἡ κυβέρνησις ἔχει καθῆκον νὰ μεριμνήσῃ διὰ τὴν ἐπίλυσιν τῶν προβλημάτων τὰ ὁποῖα ἀπασχολοῦν τὸν λαόν. Ἡ δημοκρατία ἀπαιτεῖ σεβασμὸν τῶν θεσμῶν καὶ τῶν ἐλευθεριῶν τοῦ πολίτου.

Ὁ Ἐλευθερόστομος
ΣΤΑΥΡΟΛΕΞΟΝ ΑΡ. 151
1 2 3 4 5 6 7 8 9
1
2
3
4
5
6
7
8
9

ΤΟ ΑΠΟΓΕΥΜΑ τῆς χθὲς ἐξεράγη φωτιὰ εἰς τὸ δάσος τῆς Πεντέλης. Αἱ πυροσβεστικαὶ δυνάμεις ἔσπευσαν καὶ ἐτέθη ὑπὸ ἔλεγχον.

ΙΑΣ
ΦΕΙΔΙΟΥ 5
ΙΝΣΤΙΤΟΥΤΟΝ ΑΜΕΡΙΚΑΝΙΚΩΝ ΣΠΟΥΔΩΝ
ΤΜΗΜΑΤΑ ΑΥΓΟΥΣΤΟΥ

Ἡ Γραμματεία τοῦ ΙΑΣ ἀνακοινοῖ ὅτι συνεχίζονται αἱ ἐγγραφαὶ εἰς τὰ τμήματα Ἀγγλικῆς γλώσσης τοῦ Αὐγούστου. ΦΕΙΔΙΟΥ 5. ΤΗΛ. 28.545

Ἐξεδόθη παρὰ τῆς Ἱστορικῆς ὑπηρεσίας Β. Ν.
Ναυάρχου ἐ.ἀ. Κ. Α. ΑΛΕΞΑΝΔΡΗ
Η ΘΑΛΑΣΣΙΑ ΔΥΝΑΜΙΣ ΕΙΣ ΤΗΝ ΙΣΤΟΡΙΑΝ
ΤΗΣ ΒΥΖΑΝΤΙΝΗΣ ΑΥΤΟΚΡΑΤΟΡΙΑΣ
Σελίδες 527. Πίνακες ἐκτὸς κειμένου 6. Χάρται 3. Πωλεῖται εἰς τὰ Βιβλιοπωλεῖα.
